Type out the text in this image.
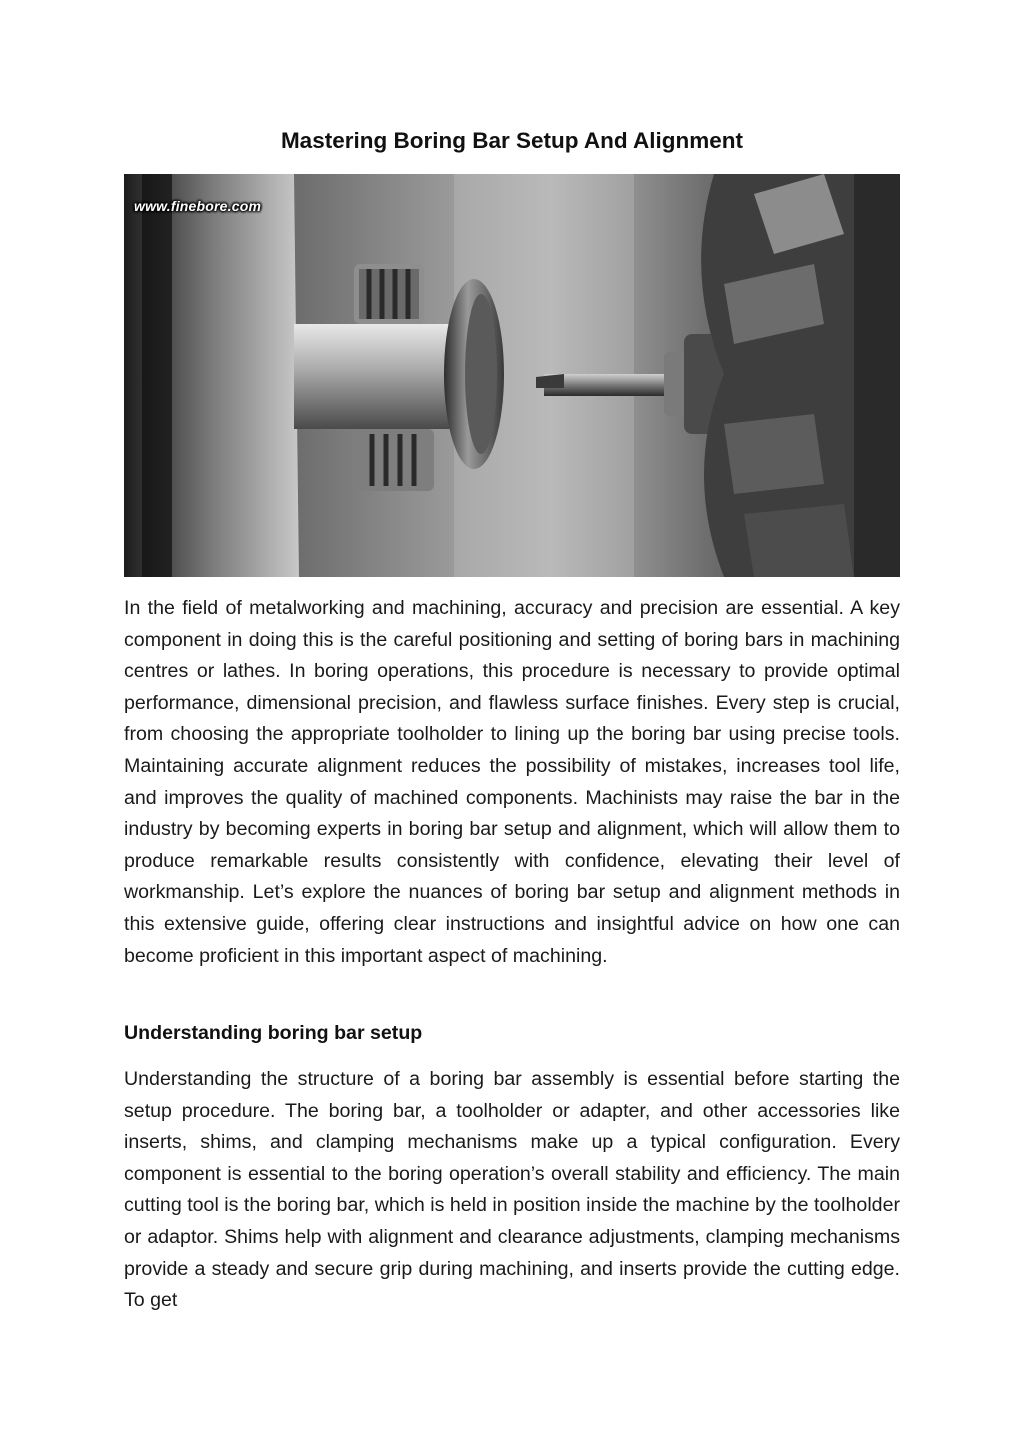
Mastering Boring Bar Setup And Alignment
www.finebore.com

In the field of metalworking and machining, accuracy and precision are essential. A key component in doing this is the careful positioning and setting of boring bars in machining centres or lathes. In boring operations, this procedure is necessary to provide optimal performance, dimensional precision, and flawless surface finishes. Every step is crucial, from choosing the appropriate toolholder to lining up the boring bar using precise tools. Maintaining accurate alignment reduces the possibility of mistakes, increases tool life, and improves the quality of machined components. Machinists may raise the bar in the industry by becoming experts in boring bar setup and alignment, which will allow them to produce remarkable results consistently with confidence, elevating their level of workmanship. Let’s explore the nuances of boring bar setup and alignment methods in this extensive guide, offering clear instructions and insightful advice on how one can become proficient in this important aspect of machining.

Understanding boring bar setup

Understanding the structure of a boring bar assembly is essential before starting the setup procedure. The boring bar, a toolholder or adapter, and other accessories like inserts, shims, and clamping mechanisms make up a typical configuration. Every component is essential to the boring operation’s overall stability and efficiency. The main cutting tool is the boring bar, which is held in position inside the machine by the toolholder or adaptor. Shims help with alignment and clearance adjustments, clamping mechanisms provide a steady and secure grip during machining, and inserts provide the cutting edge. To get
